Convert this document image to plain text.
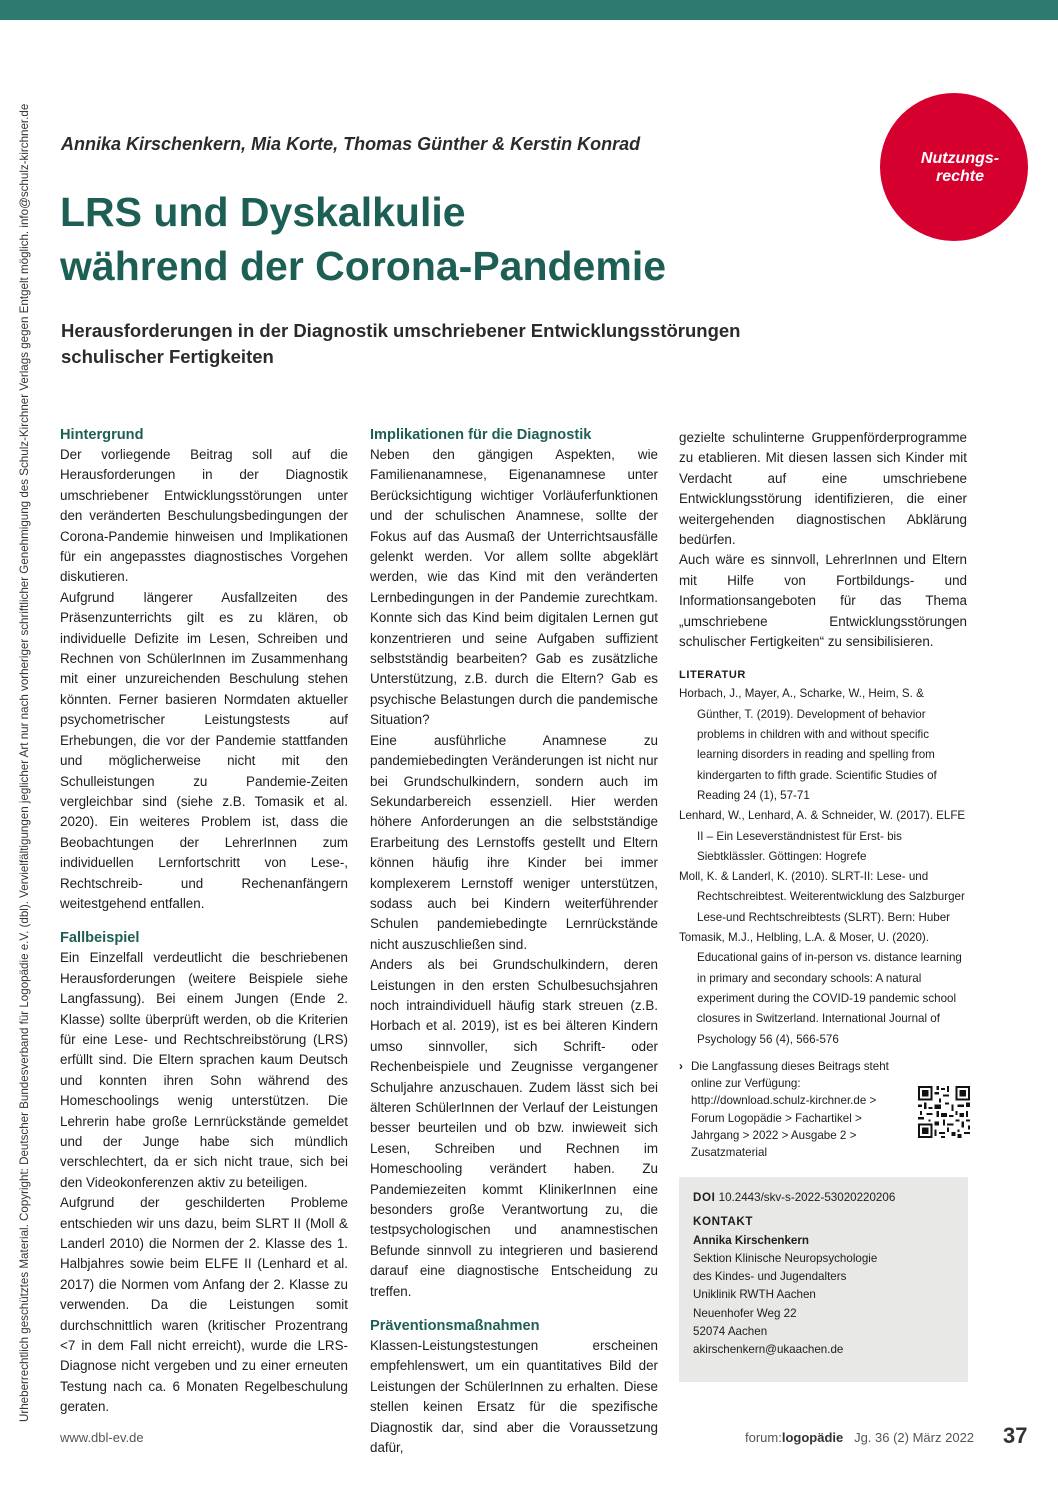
Urheberrechtlich geschütztes Material. Copyright: Deutscher Bundesverband für Logopädie e.V. (dbl). Vervielfältigungen jeglicher Art nur nach vorheriger schriftlicher Genehmigung des Schulz-Kirchner Verlags gegen Entgelt möglich. info@schulz-kirchner.de	Nutzungs-
rechte
Annika Kirschenkern, Mia Korte, Thomas Günther & Kerstin Konrad
LRS und Dyskalkulie
während der Corona-Pandemie
Herausforderungen in der Diagnostik umschriebener Entwicklungsstörungen schulischer Fertigkeiten
Hintergrund

Der vorliegende Beitrag soll auf die Herausforderungen in der Diagnostik umschriebener Entwicklungsstörungen unter den veränderten Beschulungsbedingungen der Corona-Pandemie hinweisen und Implikationen für ein angepasstes diagnostisches Vorgehen diskutieren.

Aufgrund längerer Ausfallzeiten des Präsenzunterrichts gilt es zu klären, ob individuelle Defizite im Lesen, Schreiben und Rechnen von SchülerInnen im Zusammenhang mit einer unzureichenden Beschulung stehen könnten. Ferner basieren Normdaten aktueller psychometrischer Leistungstests auf Erhebungen, die vor der Pandemie stattfanden und möglicherweise nicht mit den Schulleistungen zu Pandemie-Zeiten vergleichbar sind (siehe z.B. Tomasik et al. 2020). Ein weiteres Problem ist, dass die Beobachtungen der LehrerInnen zum individuellen Lernfortschritt von Lese-, Rechtschreib- und Rechenanfängern weitestgehend entfallen.

Fallbeispiel

Ein Einzelfall verdeutlicht die beschriebenen Herausforderungen (weitere Beispiele siehe Langfassung). Bei einem Jungen (Ende 2. Klasse) sollte überprüft werden, ob die Kriterien für eine Lese- und Rechtschreibstörung (LRS) erfüllt sind. Die Eltern sprachen kaum Deutsch und konnten ihren Sohn während des Homeschoolings wenig unterstützen. Die Lehrerin habe große Lernrückstände gemeldet und der Junge habe sich mündlich verschlechtert, da er sich nicht traue, sich bei den Videokonferenzen aktiv zu beteiligen.

Aufgrund der geschilderten Probleme entschieden wir uns dazu, beim SLRT II (Moll & Landerl 2010) die Normen der 2. Klasse des 1. Halbjahres sowie beim ELFE II (Lenhard et al. 2017) die Normen vom Anfang der 2. Klasse zu verwenden. Da die Leistungen somit durchschnittlich waren (kritischer Prozentrang <7 in dem Fall nicht erreicht), wurde die LRS-Diagnose nicht vergeben und zu einer erneuten Testung nach ca. 6 Monaten Regelbeschulung geraten.

Implikationen für die Diagnostik

Neben den gängigen Aspekten, wie Familienanamnese, Eigenanamnese unter Berücksichtigung wichtiger Vorläuferfunktionen und der schulischen Anamnese, sollte der Fokus auf das Ausmaß der Unterrichtsausfälle gelenkt werden. Vor allem sollte abgeklärt werden, wie das Kind mit den veränderten Lernbedingungen in der Pandemie zurechtkam. Konnte sich das Kind beim digitalen Lernen gut konzentrieren und seine Aufgaben suffizient selbstständig bearbeiten? Gab es zusätzliche Unterstützung, z.B. durch die Eltern? Gab es psychische Belastungen durch die pandemische Situation?

Eine ausführliche Anamnese zu pandemiebedingten Veränderungen ist nicht nur bei Grundschulkindern, sondern auch im Sekundarbereich essenziell. Hier werden höhere Anforderungen an die selbstständige Erarbeitung des Lernstoffs gestellt und Eltern können häufig ihre Kinder bei immer komplexerem Lernstoff weniger unterstützen, sodass auch bei Kindern weiterführender Schulen pandemiebedingte Lernrückstände nicht auszuschließen sind.

Anders als bei Grundschulkindern, deren Leistungen in den ersten Schulbesuchsjahren noch intraindividuell häufig stark streuen (z.B. Horbach et al. 2019), ist es bei älteren Kindern umso sinnvoller, sich Schrift- oder Rechenbeispiele und Zeugnisse vergangener Schuljahre anzuschauen. Zudem lässt sich bei älteren SchülerInnen der Verlauf der Leistungen besser beurteilen und ob bzw. inwieweit sich Lesen, Schreiben und Rechnen im Homeschooling verändert haben. Zu Pandemiezeiten kommt KlinikerInnen eine besonders große Verantwortung zu, die testpsychologischen und anamnestischen Befunde sinnvoll zu integrieren und basierend darauf eine diagnostische Entscheidung zu treffen.

Präventionsmaßnahmen

Klassen-Leistungstestungen erscheinen empfehlenswert, um ein quantitatives Bild der Leistungen der SchülerInnen zu erhalten. Diese stellen keinen Ersatz für die spezifische Diagnostik dar, sind aber die Voraussetzung dafür,

gezielte schulinterne Gruppenförderprogramme zu etablieren. Mit diesen lassen sich Kinder mit Verdacht auf eine umschriebene Entwicklungsstörung identifizieren, die einer weitergehenden diagnostischen Abklärung bedürfen.

Auch wäre es sinnvoll, LehrerInnen und Eltern mit Hilfe von Fortbildungs- und Informationsangeboten für das Thema „umschriebene Entwicklungsstörungen schulischer Fertigkeiten“ zu sensibilisieren.

LITERATUR
Horbach, J., Mayer, A., Scharke, W., Heim, S. & Günther, T. (2019). Development of behavior problems in children with and without specific learning disorders in reading and spelling from kindergarten to fifth grade. Scientific Studies of Reading 24 (1), 57-71
Lenhard, W., Lenhard, A. & Schneider, W. (2017). ELFE II – Ein Leseverständnistest für Erst- bis Siebtklässler. Göttingen: Hogrefe
Moll, K. & Landerl, K. (2010). SLRT-II: Lese- und Rechtschreibtest. Weiterentwicklung des Salzburger Lese-und Rechtschreibtests (SLRT). Bern: Huber
Tomasik, M.J., Helbling, L.A. & Moser, U. (2020). Educational gains of in-person vs. distance learning in primary and secondary schools: A natural experiment during the COVID-19 pandemic school closures in Switzerland. International Journal of Psychology 56 (4), 566-576
› Die Langfassung dieses Beitrags steht online zur Verfügung: http://download.schulz-kirchner.de > Forum Logopädie > Fachartikel > Jahrgang > 2022 > Ausgabe 2 > Zusatzmaterial
DOI 10.2443/skv-s-2022-53020220206
KONTAKT
Annika Kirschenkern
Sektion Klinische Neuropsychologie
des Kindes- und Jugendalters
Uniklinik RWTH Aachen
Neuenhofer Weg 22
52074 Aachen
akirschenkern@ukaachen.de
www.dbl-ev.de	forum:logopädie Jg. 36 (2) März 2022 37
